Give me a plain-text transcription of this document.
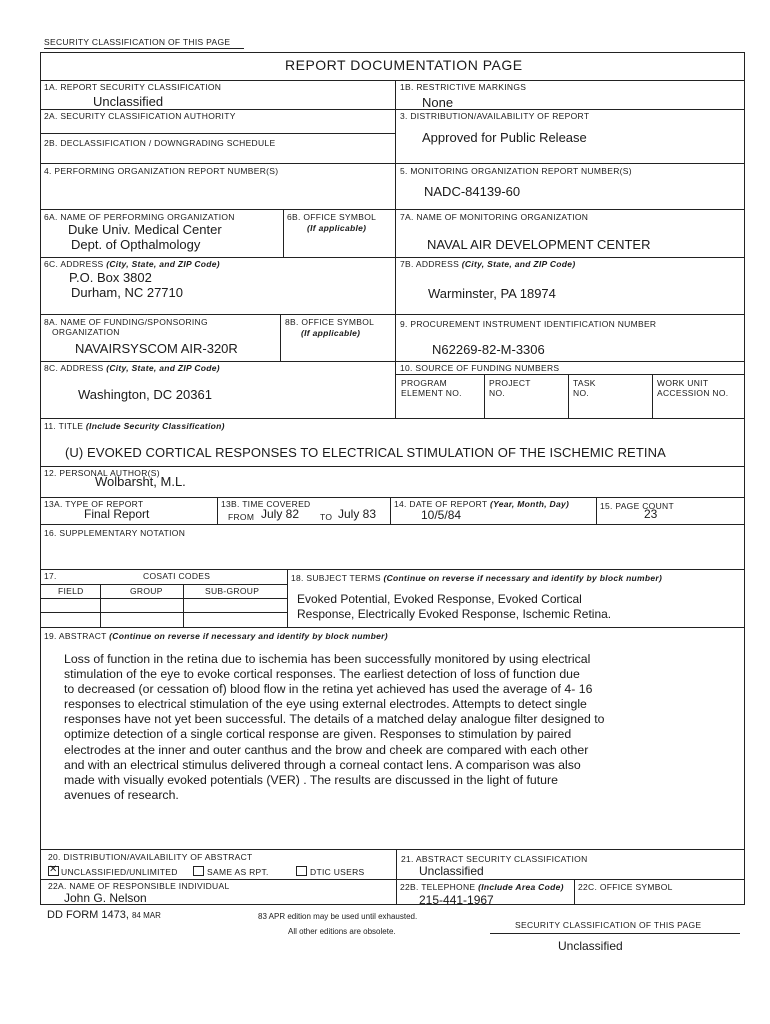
SECURITY CLASSIFICATION OF THIS PAGE
REPORT DOCUMENTATION PAGE
1A. REPORT SECURITY CLASSIFICATION
Unclassified
1B. RESTRICTIVE MARKINGS
None
2A. SECURITY CLASSIFICATION AUTHORITY	3. DISTRIBUTION/AVAILABILITY OF REPORT
Approved for Public Release
2B. DECLASSIFICATION / DOWNGRADING SCHEDULE
4. PERFORMING ORGANIZATION REPORT NUMBER(S)	5. MONITORING ORGANIZATION REPORT NUMBER(S)
NADC-84139-60
6A. NAME OF PERFORMING ORGANIZATION
Duke Univ. Medical Center
Dept. of Opthalmology
6B. OFFICE SYMBOL
(If applicable)
7A. NAME OF MONITORING ORGANIZATION
NAVAL AIR DEVELOPMENT CENTER
6C. ADDRESS (City, State, and ZIP Code)
P.O. Box 3802
Durham, NC 27710
7B. ADDRESS (City, State, and ZIP Code)
Warminster, PA 18974
8A. NAME OF FUNDING/SPONSORING
ORGANIZATION
NAVAIRSYSCOM AIR-320R
8B. OFFICE SYMBOL
(If applicable)
9. PROCUREMENT INSTRUMENT IDENTIFICATION NUMBER
N62269-82-M-3306
8C. ADDRESS (City, State, and ZIP Code)
Washington, DC 20361
10. SOURCE OF FUNDING NUMBERS
PROGRAM
ELEMENT NO.
PROJECT
NO.
TASK
NO.
WORK UNIT
ACCESSION NO.
11. TITLE (Include Security Classification)
(U) EVOKED CORTICAL RESPONSES TO ELECTRICAL STIMULATION OF THE ISCHEMIC RETINA
12. PERSONAL AUTHOR(S)
Wolbarsht, M.L.
13A. TYPE OF REPORT
Final Report
13B. TIME COVERED
FROM July 82 TO July 83
14. DATE OF REPORT (Year, Month, Day)
10/5/84
15. PAGE COUNT
23
16. SUPPLEMENTARY NOTATION
17.	COSATI CODES
FIELD	GROUP	SUB-GROUP
18. SUBJECT TERMS (Continue on reverse if necessary and identify by block number)
Evoked Potential, Evoked Response, Evoked Cortical
Response, Electrically Evoked Response, Ischemic Retina.
19. ABSTRACT (Continue on reverse if necessary and identify by block number)
Loss of function in the retina due to ischemia has been successfully monitored by using electrical
stimulation of the eye to evoke cortical responses. The earliest detection of loss of function due
to decreased (or cessation of) blood flow in the retina yet achieved has used the average of 4- 16
responses to electrical stimulation of the eye using external electrodes. Attempts to detect single
responses have not yet been successful. The details of a matched delay analogue filter designed to
optimize detection of a single cortical response are given. Responses to stimulation by paired
electrodes at the inner and outer canthus and the brow and cheek are compared with each other
and with an electrical stimulus delivered through a corneal contact lens. A comparison was also
made with visually evoked potentials (VER) . The results are discussed in the light of future
avenues of research.
20. DISTRIBUTION/AVAILABILITY OF ABSTRACT
✕UNCLASSIFIED/UNLIMITED	SAME AS RPT.	DTIC USERS
21. ABSTRACT SECURITY CLASSIFICATION
Unclassified
22A. NAME OF RESPONSIBLE INDIVIDUAL
John G. Nelson
22B. TELEPHONE (Include Area Code)
215-441-1967
22C. OFFICE SYMBOL
DD FORM 1473, 84 MAR	83 APR edition may be used until exhausted.
All other editions are obsolete.
SECURITY CLASSIFICATION OF THIS PAGE
Unclassified
